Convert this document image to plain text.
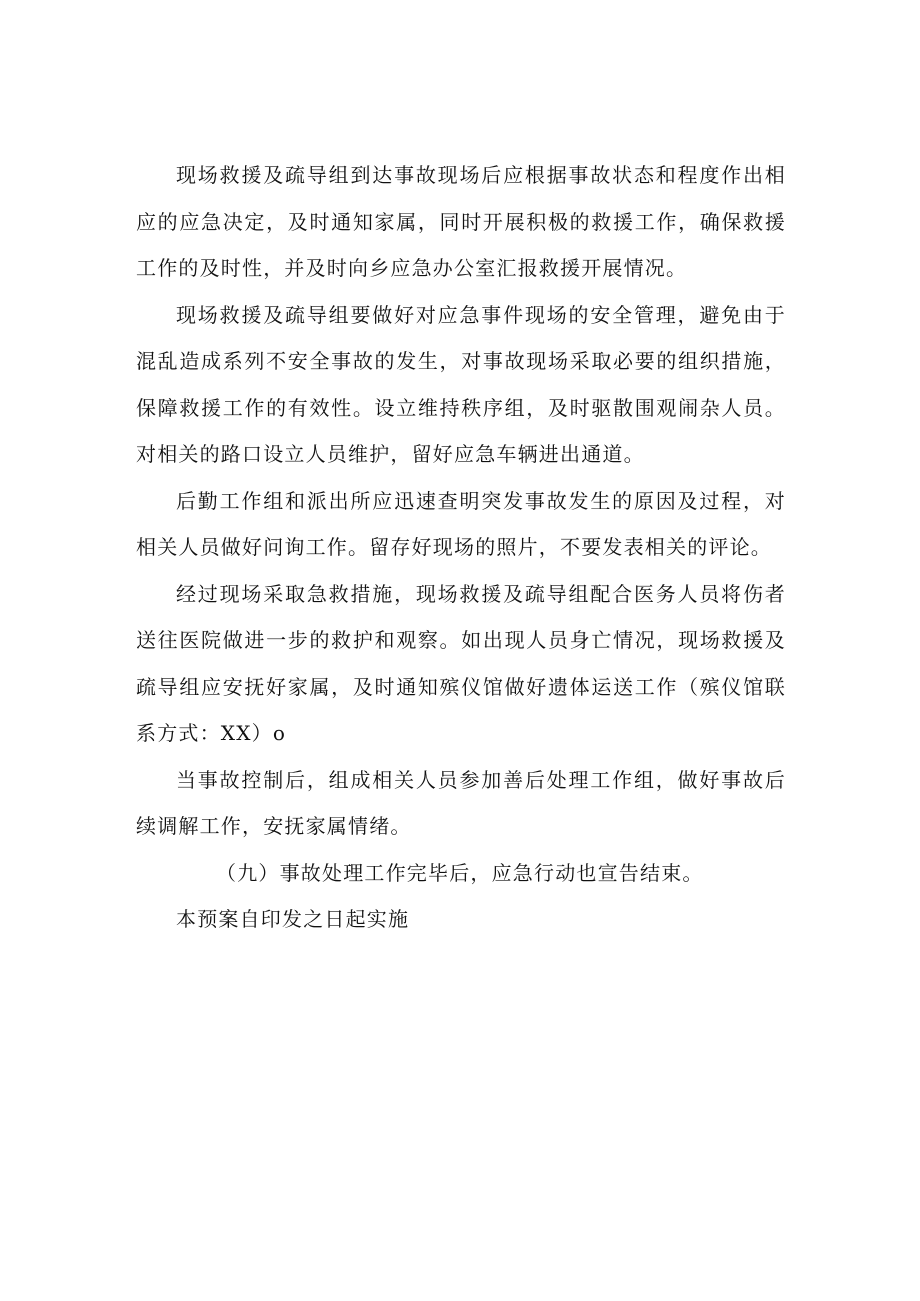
现场救援及疏导组到达事故现场后应根据事故状态和程度作出相应的应急决定，及时通知家属，同时开展积极的救援工作，确保救援工作的及时性，并及时向乡应急办公室汇报救援开展情况。

现场救援及疏导组要做好对应急事件现场的安全管理，避免由于混乱造成系列不安全事故的发生，对事故现场采取必要的组织措施，保障救援工作的有效性。设立维持秩序组，及时驱散围观闹杂人员。对相关的路口设立人员维护，留好应急车辆进出通道。

后勤工作组和派出所应迅速查明突发事故发生的原因及过程，对相关人员做好问询工作。留存好现场的照片，不要发表相关的评论。

经过现场采取急救措施，现场救援及疏导组配合医务人员将伤者送往医院做进一步的救护和观察。如出现人员身亡情况，现场救援及疏导组应安抚好家属，及时通知殡仪馆做好遗体运送工作（殡仪馆联系方式：XX）o

当事故控制后，组成相关人员参加善后处理工作组，做好事故后续调解工作，安抚家属情绪。

（九）事故处理工作完毕后，应急行动也宣告结束。

本预案自印发之日起实施
